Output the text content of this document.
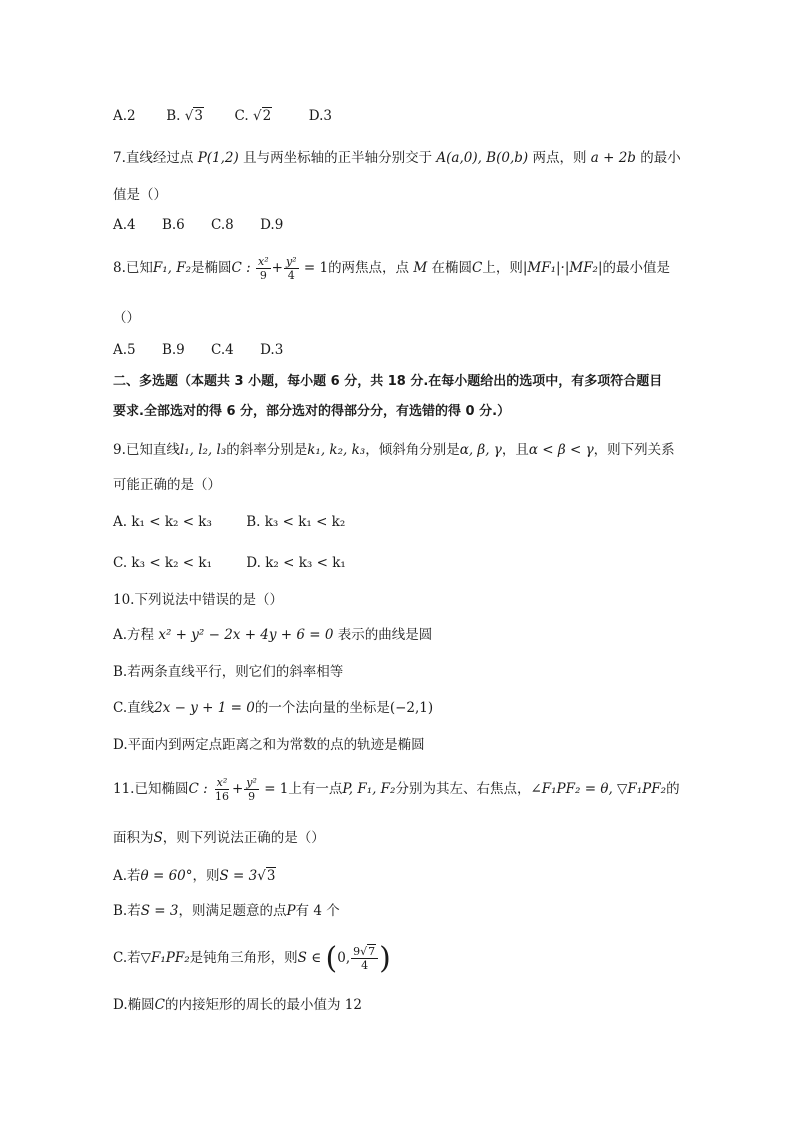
A.2 B. √3 C. √2	D.3
7.直线经过点 P(1,2) 且与两坐标轴的正半轴分别交于 A(a,0), B(0,b) 两点，则 a + 2b 的最小
值是（）
A.4 B.6 C.8 D.9
8.已知F₁, F₂是椭圆C : $\frac{\text{x²}}{9} + \frac{\text{y²}}{4} = 1$的两焦点，点 M 在椭圆C上，则|MF₁|·|MF₂|的最小值是
（）
A.5 B.9 C.4 D.3
二、多选题（本题共 3 小题，每小题 6 分，共 18 分.在每小题给出的选项中，有多项符合题目
要求.全部选对的得 6 分，部分选对的得部分分，有选错的得 0 分.）
9.已知直线l₁, l₂, l₃的斜率分别是k₁, k₂, k₃，倾斜角分别是α, β, γ，且α < β < γ，则下列关系
可能正确的是（）
A. k₁ < k₂ < k₃	B. k₃ < k₁ < k₂
C. k₃ < k₂ < k₁	D. k₂ < k₃ < k₁
10.下列说法中错误的是（）
A.方程 x² + y² − 2x + 4y + 6 = 0 表示的曲线是圆
B.若两条直线平行，则它们的斜率相等
C.直线2x − y + 1 = 0的一个法向量的坐标是(−2,1)
D.平面内到两定点距离之和为常数的点的轨迹是椭圆
11.已知椭圆C : $\frac{\text{x²}}{16} + \frac{\text{y²}}{9} = 1$上有一点P, F₁, F₂分别为其左、右焦点，∠F₁PF₂ = θ, ▽F₁PF₂的
面积为S，则下列说法正确的是（）
A.若θ = 60°，则S = 3√3
B.若S = 3，则满足题意的点P有 4 个
C.若▽F₁PF₂是钝角三角形，则S ∈ (0, $\frac{9√7}{4}$ )
D.椭圆C的内接矩形的周长的最小值为 12
